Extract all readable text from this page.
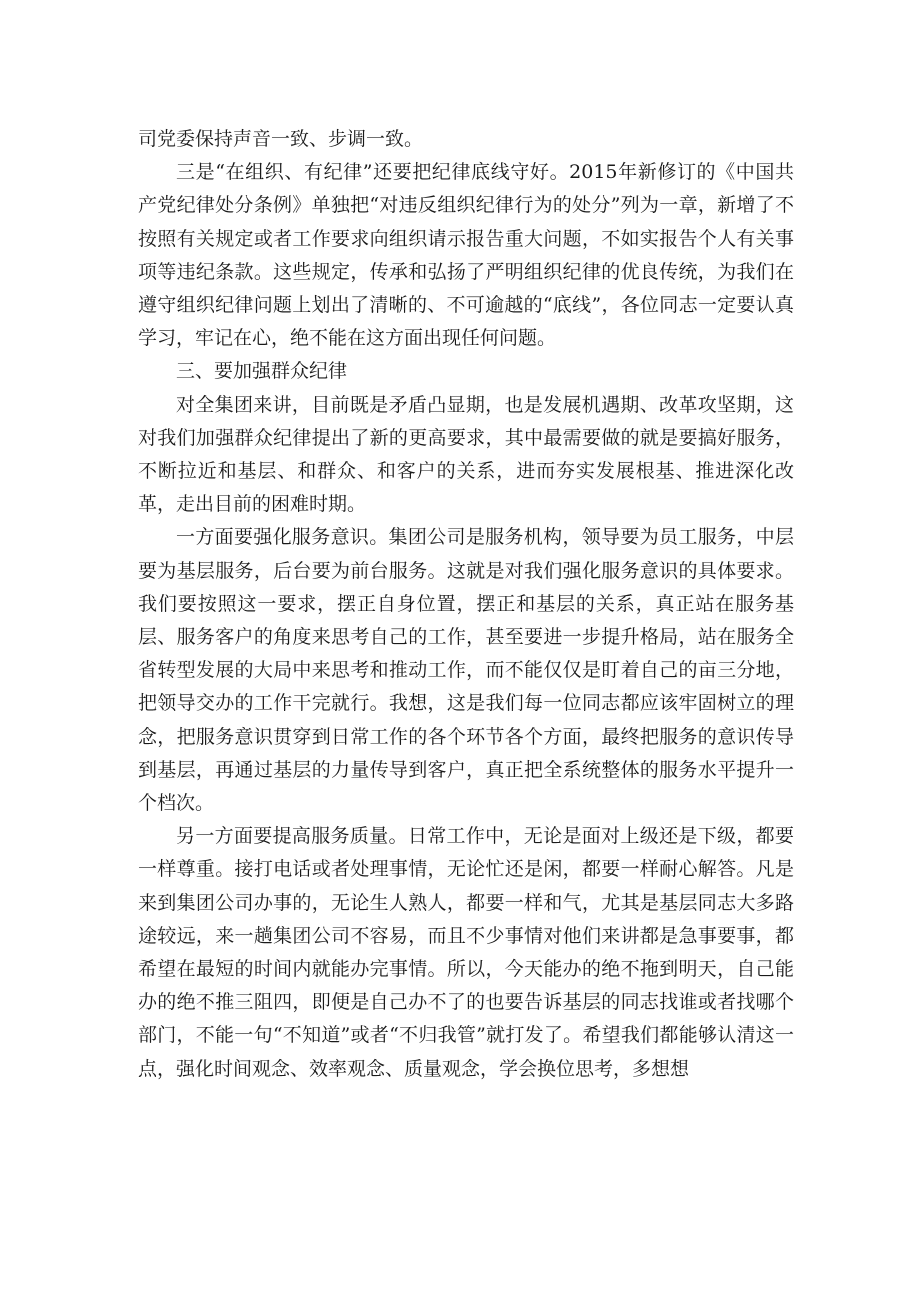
司党委保持声音一致、步调一致。

三是“在组织、有纪律”还要把纪律底线守好。2015年新修订的《中国共产党纪律处分条例》单独把“对违反组织纪律行为的处分”列为一章，新增了不按照有关规定或者工作要求向组织请示报告重大问题，不如实报告个人有关事项等违纪条款。这些规定，传承和弘扬了严明组织纪律的优良传统，为我们在遵守组织纪律问题上划出了清晰的、不可逾越的“底线”，各位同志一定要认真学习，牢记在心，绝不能在这方面出现任何问题。

三、要加强群众纪律

对全集团来讲，目前既是矛盾凸显期，也是发展机遇期、改革攻坚期，这对我们加强群众纪律提出了新的更高要求，其中最需要做的就是要搞好服务，不断拉近和基层、和群众、和客户的关系，进而夯实发展根基、推进深化改革，走出目前的困难时期。

一方面要强化服务意识。集团公司是服务机构，领导要为员工服务，中层要为基层服务，后台要为前台服务。这就是对我们强化服务意识的具体要求。我们要按照这一要求，摆正自身位置，摆正和基层的关系，真正站在服务基层、服务客户的角度来思考自己的工作，甚至要进一步提升格局，站在服务全省转型发展的大局中来思考和推动工作，而不能仅仅是盯着自己的亩三分地，把领导交办的工作干完就行。我想，这是我们每一位同志都应该牢固树立的理念，把服务意识贯穿到日常工作的各个环节各个方面，最终把服务的意识传导到基层，再通过基层的力量传导到客户，真正把全系统整体的服务水平提升一个档次。

另一方面要提高服务质量。日常工作中，无论是面对上级还是下级，都要一样尊重。接打电话或者处理事情，无论忙还是闲，都要一样耐心解答。凡是来到集团公司办事的，无论生人熟人，都要一样和气，尤其是基层同志大多路途较远，来一趟集团公司不容易，而且不少事情对他们来讲都是急事要事，都希望在最短的时间内就能办完事情。所以，今天能办的绝不拖到明天，自己能办的绝不推三阻四，即便是自己办不了的也要告诉基层的同志找谁或者找哪个部门，不能一句“不知道”或者“不归我管”就打发了。希望我们都能够认清这一点，强化时间观念、效率观念、质量观念，学会换位思考，多想想
